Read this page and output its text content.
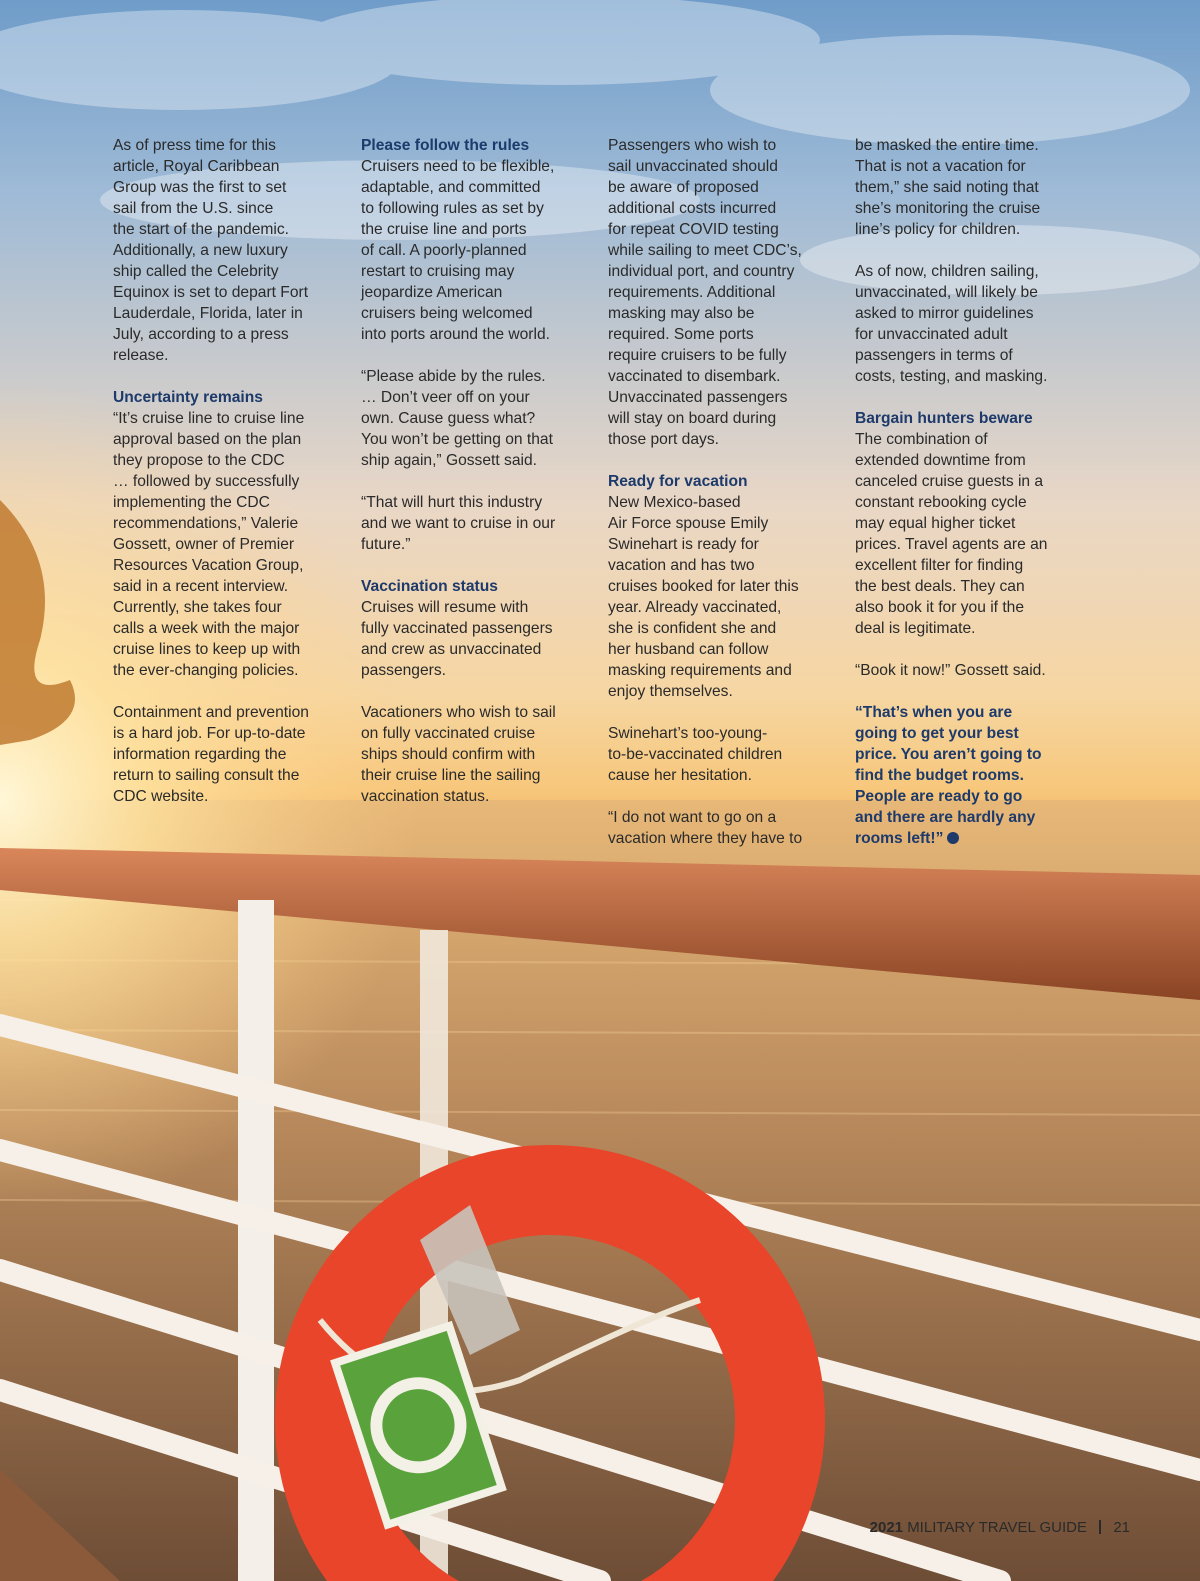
As of press time for this
article, Royal Caribbean
Group was the first to set
sail from the U.S. since
the start of the pandemic.
Additionally, a new luxury
ship called the Celebrity
Equinox is set to depart Fort
Lauderdale, Florida, later in
July, according to a press
release.

Uncertainty remains

“It’s cruise line to cruise line
approval based on the plan
they propose to the CDC
… followed by successfully
implementing the CDC
recommendations,” Valerie
Gossett, owner of Premier
Resources Vacation Group,
said in a recent interview.
Currently, she takes four
calls a week with the major
cruise lines to keep up with
the ever-changing policies.

Containment and prevention
is a hard job. For up-to-date
information regarding the
return to sailing consult the
CDC website.

Please follow the rules

Cruisers need to be flexible,
adaptable, and committed
to following rules as set by
the cruise line and ports
of call. A poorly-planned
restart to cruising may
jeopardize American
cruisers being welcomed
into ports around the world.

“Please abide by the rules.
… Don’t veer off on your
own. Cause guess what?
You won’t be getting on that
ship again,” Gossett said.

“That will hurt this industry
and we want to cruise in our
future.”

Vaccination status

Cruises will resume with
fully vaccinated passengers
and crew as unvaccinated
passengers.

Vacationers who wish to sail
on fully vaccinated cruise
ships should confirm with
their cruise line the sailing
vaccination status.

Passengers who wish to
sail unvaccinated should
be aware of proposed
additional costs incurred
for repeat COVID testing
while sailing to meet CDC’s,
individual port, and country
requirements. Additional
masking may also be
required. Some ports
require cruisers to be fully
vaccinated to disembark.
Unvaccinated passengers
will stay on board during
those port days.

Ready for vacation

New Mexico-based
Air Force spouse Emily
Swinehart is ready for
vacation and has two
cruises booked for later this
year. Already vaccinated,
she is confident she and
her husband can follow
masking requirements and
enjoy themselves.

Swinehart’s too-young-
to-be-vaccinated children
cause her hesitation.

“I do not want to go on a
vacation where they have to

be masked the entire time.
That is not a vacation for
them,” she said noting that
she’s monitoring the cruise
line’s policy for children.

As of now, children sailing,
unvaccinated, will likely be
asked to mirror guidelines
for unvaccinated adult
passengers in terms of
costs, testing, and masking.

Bargain hunters beware

The combination of
extended downtime from
canceled cruise guests in a
constant rebooking cycle
may equal higher ticket
prices. Travel agents are an
excellent filter for finding
the best deals. They can
also book it for you if the
deal is legitimate.

“Book it now!” Gossett said.

“That’s when you are
going to get your best
price. You aren’t going to
find the budget rooms.
People are ready to go
and there are hardly any
rooms left!”

2021 MILITARY TRAVEL GUIDE 21
